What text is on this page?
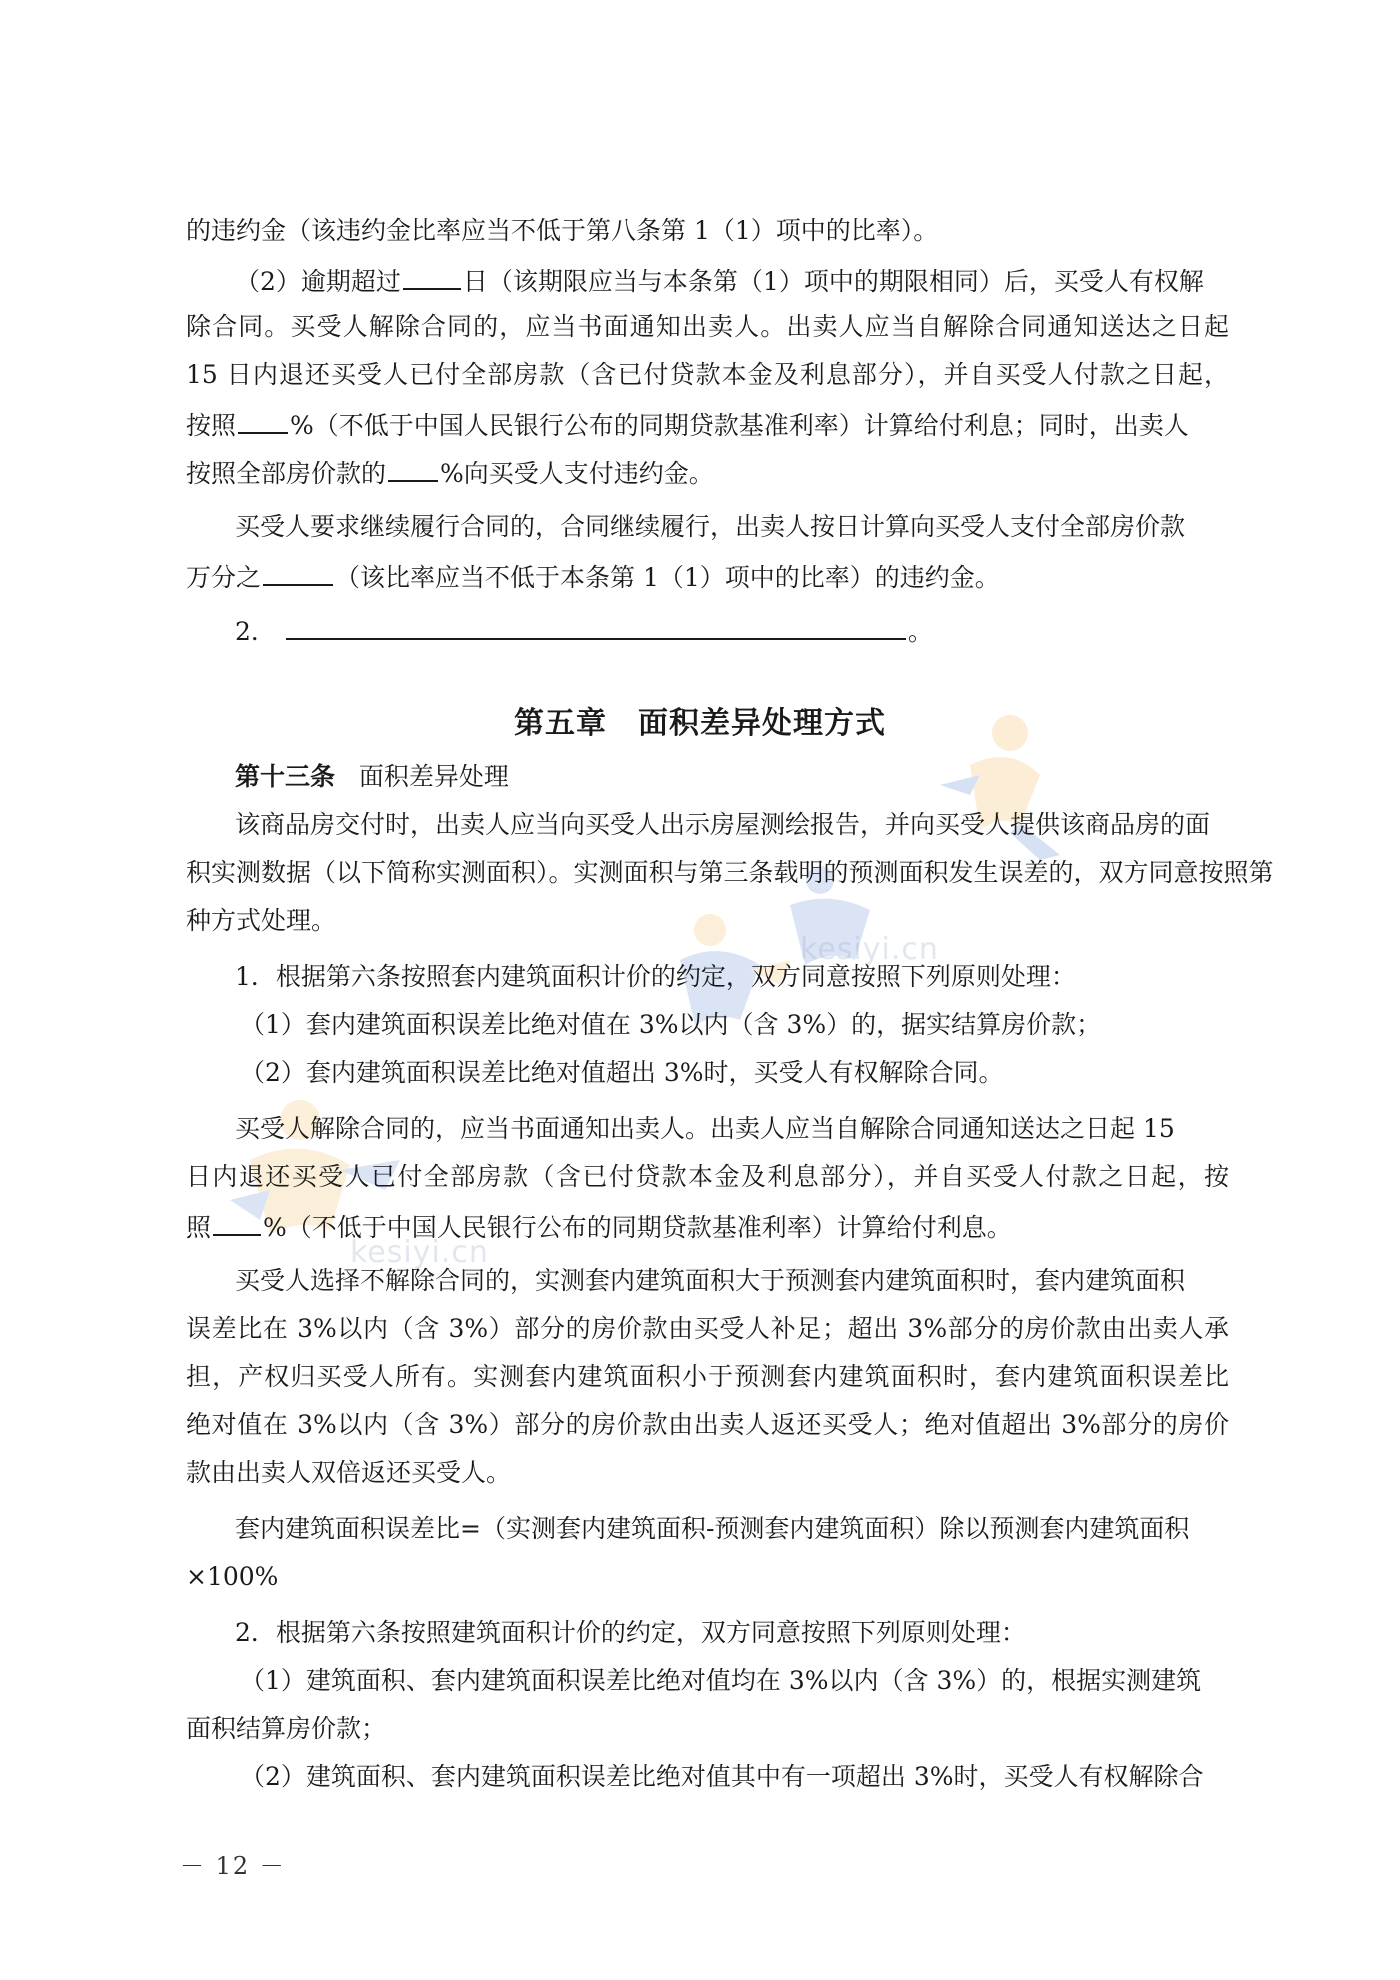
kesiyi.cn
kesiyi.cn

的违约金（该违约金比率应当不低于第八条第 1（1）项中的比率）。

（2）逾期超过 日（该期限应当与本条第（1）项中的期限相同）后，买受人有权解

除合同。买受人解除合同的，应当书面通知出卖人。出卖人应当自解除合同通知送达之日起

15 日内退还买受人已付全部房款（含已付贷款本金及利息部分），并自买受人付款之日起，

按照 %（不低于中国人民银行公布的同期贷款基准利率）计算给付利息；同时，出卖人

按照全部房价款的 %向买受人支付违约金。

买受人要求继续履行合同的，合同继续履行，出卖人按日计算向买受人支付全部房价款

万分之	（该比率应当不低于本条第 1（1）项中的比率）的违约金。

2．	。

第五章　面积差异处理方式
第十三条 面积差异处理

该商品房交付时，出卖人应当向买受人出示房屋测绘报告，并向买受人提供该商品房的面

积实测数据（以下简称实测面积）。实测面积与第三条载明的预测面积发生误差的，双方同意按照第

种方式处理。

1．根据第六条按照套内建筑面积计价的约定，双方同意按照下列原则处理：

（1）套内建筑面积误差比绝对值在 3%以内（含 3%）的，据实结算房价款；

（2）套内建筑面积误差比绝对值超出 3%时，买受人有权解除合同。

买受人解除合同的，应当书面通知出卖人。出卖人应当自解除合同通知送达之日起 15

日内退还买受人已付全部房款（含已付贷款本金及利息部分），并自买受人付款之日起，按

照 %（不低于中国人民银行公布的同期贷款基准利率）计算给付利息。

买受人选择不解除合同的，实测套内建筑面积大于预测套内建筑面积时，套内建筑面积

误差比在 3%以内（含 3%）部分的房价款由买受人补足；超出 3%部分的房价款由出卖人承

担，产权归买受人所有。实测套内建筑面积小于预测套内建筑面积时，套内建筑面积误差比

绝对值在 3%以内（含 3%）部分的房价款由出卖人返还买受人；绝对值超出 3%部分的房价

款由出卖人双倍返还买受人。

套内建筑面积误差比=（实测套内建筑面积-预测套内建筑面积）除以预测套内建筑面积

×100%

2．根据第六条按照建筑面积计价的约定，双方同意按照下列原则处理：

（1）建筑面积、套内建筑面积误差比绝对值均在 3%以内（含 3%）的，根据实测建筑

面积结算房价款；

（2）建筑面积、套内建筑面积误差比绝对值其中有一项超出 3%时，买受人有权解除合

－ 12 －
